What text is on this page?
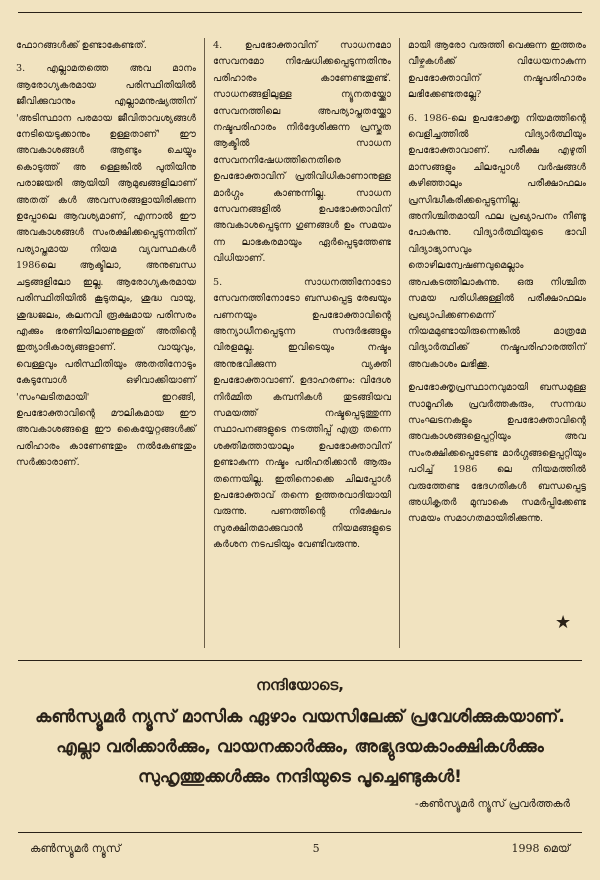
ഫോറങ്ങൾക്ക് ഉണ്ടാകേണ്ടത്.

3. എല്ലാമതത്തെ അവ മാനം ആരോഗ്യകരമായ പരിസ്ഥിതിയിൽ ജീവിക്കുവാനും എല്ലാമനുഷ്യത്തിന് 'അടിസ്ഥാന പരമായ ജീവിതാവശ്യങ്ങൾ നേടിയെടുക്കാനും ഉള്ളതാണ്' ഈ അവകാശങ്ങൾ ആണ്ടും ചെയ്യും കൊടുത്ത് അ ള്ളെങ്കിൽ പുതിയിനു പരാജയരി ആയിയി ആമുഖങ്ങളിലാണ് അതത് കൾ അവസരങ്ങളായിരിക്കുന്ന ഉപ്പോലെ ആവശ്യമാണ്, എന്നാൽ ഈ അവകാശങ്ങൾ സംരക്ഷിക്കപ്പെടുന്നതിന് പര്യാപ്തമായ നിയമ വ്യവസ്ഥകൾ 1986ലെ ആക്ടിലാ, അനുബന്ധ ചട്ടങ്ങളിലോ ഇല്ല. ആരോഗ്യകരമായ പരിസ്ഥിതിയിൽ കൂടുതലും, ശുദ്ധ വായു, ശുദ്ധജലം, കലനവി രൂക്ഷമായ പരിസരം എക്കും ഭരണിയിലാണുള്ളത് അതിന്റെ ഇത്യാദികാര്യങ്ങളാണ്. വായുവും, വെള്ളവും പരിസ്ഥിതിയും അതതിനോടും കേടുമ്പോൾ ഒഴിവാക്കിയാണ് 'സംഘടിതമായി' ഇറങ്ങി, ഉപഭോക്താവിന്റെ മൗലികമായ ഈ അവകാശങ്ങളെ ഈ കൈയ്യേറ്റങ്ങൾക്ക് പരിഹാരം കാണേണ്ടതും നൽകേണ്ടതും സർക്കാരാണ്.

4. ഉപഭോക്താവിന് സാധനമോ സേവനമോ നിഷേധിക്കപ്പെടുന്നതിനും പരിഹാരം കാണേണ്ടതുണ്ട്. സാധനങ്ങളിലുള്ള ന്യൂനതയ്ക്കോ സേവനത്തിലെ അപര്യാപ്തതയ്ക്കോ നഷ്ടപരിഹാരം നിർദ്ദേശിക്കുന്ന പ്രസ്തുത ആക്ടിൽ സാധന സേവനനിഷേധത്തിനെതിരെ ഉപഭോക്താവിന് പ്രതിവിധികാണാനുള്ള മാർഗ്ഗം കാണുന്നില്ല. സാധന സേവനങ്ങളിൽ ഉപഭോക്താവിന് അവകാശപ്പെടുന്ന ഗുണങ്ങൾ ഉം സമയം ന്ന ലാഭകരമായും ഏർപ്പെടുത്തേണ്ട വിധിയാണ്.

5. സാധനത്തിനോടോ സേവനത്തിനോടോ ബന്ധപ്പെട്ട രേഖയും പണനയും ഉപഭോക്താവിന്റെ അന്യാധീനപ്പെടുന്ന സന്ദർഭങ്ങളും വിരളമല്ല. ഇവിടെയും നഷ്ടം അനുഭവിക്കുന്ന വ്യക്തി ഉപഭോക്താവാണ്. ഉദാഹരണം: വിദേശ നിർമ്മിത കമ്പനികൾ തുടങ്ങിയവ സമയത്ത് നഷ്ടപ്പെടുത്തുന്ന സ്ഥാപനങ്ങളുടെ നടത്തിപ്പ് എത്ര തന്നെ ശക്തിമത്തായാലും ഉപഭോക്താവിന് ഉണ്ടാകുന്ന നഷ്ടം പരിഹരിക്കാൻ ആരും തന്നെയില്ല. ഇതിനൊക്കെ ചിലപ്പോൾ ഉപഭോക്താവ് തന്നെ ഉത്തരവാദിയായി വരുന്നു. പണത്തിന്റെ നിക്ഷേപം സുരക്ഷിതമാക്കുവാൻ നിയമങ്ങളുടെ കർശന നടപടിയും വേണ്ടിവരുന്നു.

മായി ആരോ വരുത്തി വെക്കുന്ന ഇത്തരം വീഴ്ചകൾക്ക് വിധേയനാകുന്ന ഉപഭോക്താവിന് നഷ്ടപരിഹാരം ലഭിക്കേണ്ടതല്ലേ?

6. 1986-ലെ ഉപഭോക്തൃ നിയമത്തിന്റെ വെളിച്ചത്തിൽ വിദ്യാർത്ഥിയും ഉപഭോക്താവാണ്. പരീക്ഷ എഴുതി മാസങ്ങളും ചിലപ്പോൾ വർഷങ്ങൾ കഴിഞ്ഞാലും പരീക്ഷാഫലം പ്രസിദ്ധീകരിക്കപ്പെടുന്നില്ല. അനിശ്ചിതമായി ഫല പ്രഖ്യാപനം നീണ്ടു പോകുന്നു. വിദ്യാർത്ഥിയുടെ ഭാവി വിദ്യാഭ്യാസവും തൊഴിലന്വേഷണവുമെല്ലാം അപകടത്തിലാകുന്നു. ഒരു നിശ്ചിത സമയ പരിധിക്കുള്ളിൽ പരീക്ഷാഫലം പ്രഖ്യാപിക്കണമെന്ന് നിയമമുണ്ടായിരുന്നെങ്കിൽ മാത്രമേ വിദ്യാർത്ഥിക്ക് നഷ്ടപരിഹാരത്തിന് അവകാശം ലഭിക്കൂ.

ഉപഭോക്തൃപ്രസ്ഥാനവുമായി ബന്ധമുള്ള സാമൂഹിക പ്രവർത്തകരും, സന്നദ്ധ സംഘടനകളും ഉപഭോക്താവിന്റെ അവകാശങ്ങളെപ്പറ്റിയും അവ സംരക്ഷിക്കപ്പെടേണ്ട മാർഗ്ഗങ്ങളെപ്പറ്റിയും പഠിച്ച് 1986 ലെ നിയമത്തിൽ വരുത്തേണ്ട ഭേദഗതികൾ ബന്ധപ്പെട്ട അധികൃതർ മുമ്പാകെ സമർപ്പിക്കേണ്ട സമയം സമാഗതമായിരിക്കുന്നു.

★
നന്ദിയോടെ,
കൺസ്യൂമർ ന്യൂസ് മാസിക ഏഴാം വയസിലേക്ക് പ്രവേശിക്കുകയാണ്. എല്ലാ വരിക്കാർക്കും, വായനക്കാർക്കും, അഭ്യുദയകാംക്ഷികൾക്കും സുഹൃത്തുക്കൾക്കും നന്ദിയുടെ പൂച്ചെണ്ടുകൾ!
-കൺസ്യൂമർ ന്യൂസ് പ്രവർത്തകർ
കൺസ്യൂമർ ന്യൂസ്	5	1998 മെയ്
